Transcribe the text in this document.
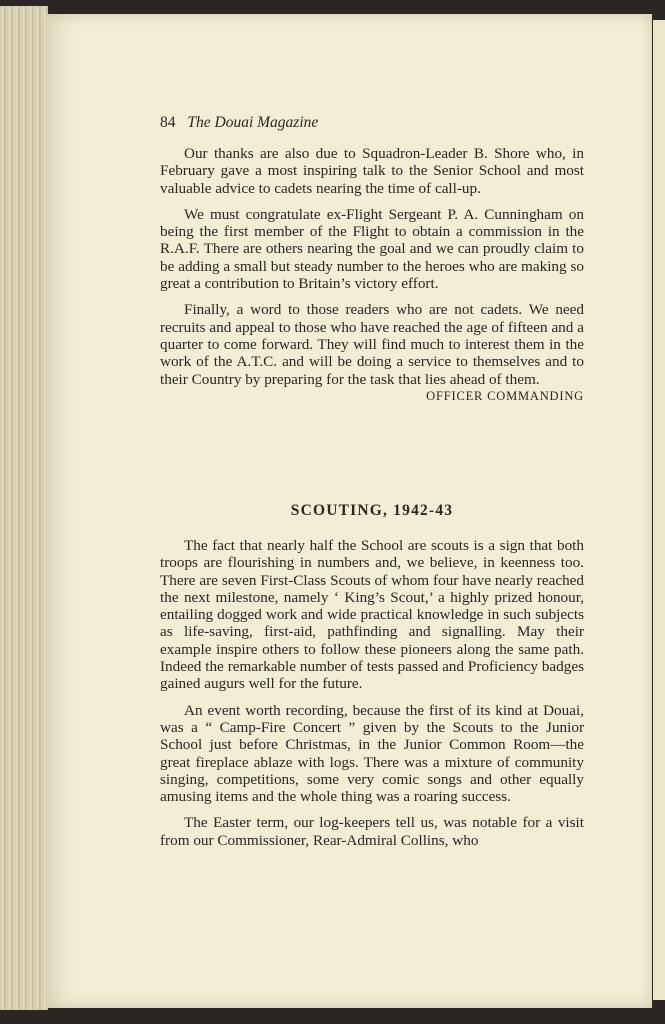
84 The Douai Magazine

Our thanks are also due to Squadron-Leader B. Shore who, in February gave a most inspiring talk to the Senior School and most valuable advice to cadets nearing the time of call-up.

We must congratulate ex-Flight Sergeant P. A. Cunningham on being the first member of the Flight to obtain a commission in the R.A.F. There are others nearing the goal and we can proudly claim to be adding a small but steady number to the heroes who are making so great a contribution to Britain’s victory effort.

Finally, a word to those readers who are not cadets. We need recruits and appeal to those who have reached the age of fifteen and a quarter to come forward. They will find much to interest them in the work of the A.T.C. and will be doing a service to themselves and to their Country by preparing for the task that lies ahead of them.

OFFICER COMMANDING
SCOUTING, 1942-43

The fact that nearly half the School are scouts is a sign that both troops are flourishing in numbers and, we believe, in keenness too. There are seven First-Class Scouts of whom four have nearly reached the next milestone, namely ‘ King’s Scout,’ a highly prized honour, entailing dogged work and wide practical knowledge in such subjects as life-saving, first-aid, pathfinding and signalling. May their example inspire others to follow these pioneers along the same path. Indeed the remarkable number of tests passed and Proficiency badges gained augurs well for the future.

An event worth recording, because the first of its kind at Douai, was a “ Camp-Fire Concert ” given by the Scouts to the Junior School just before Christmas, in the Junior Common Room—the great fireplace ablaze with logs. There was a mixture of community singing, competitions, some very comic songs and other equally amusing items and the whole thing was a roaring success.

The Easter term, our log-keepers tell us, was notable for a visit from our Commissioner, Rear-Admiral Collins, who
